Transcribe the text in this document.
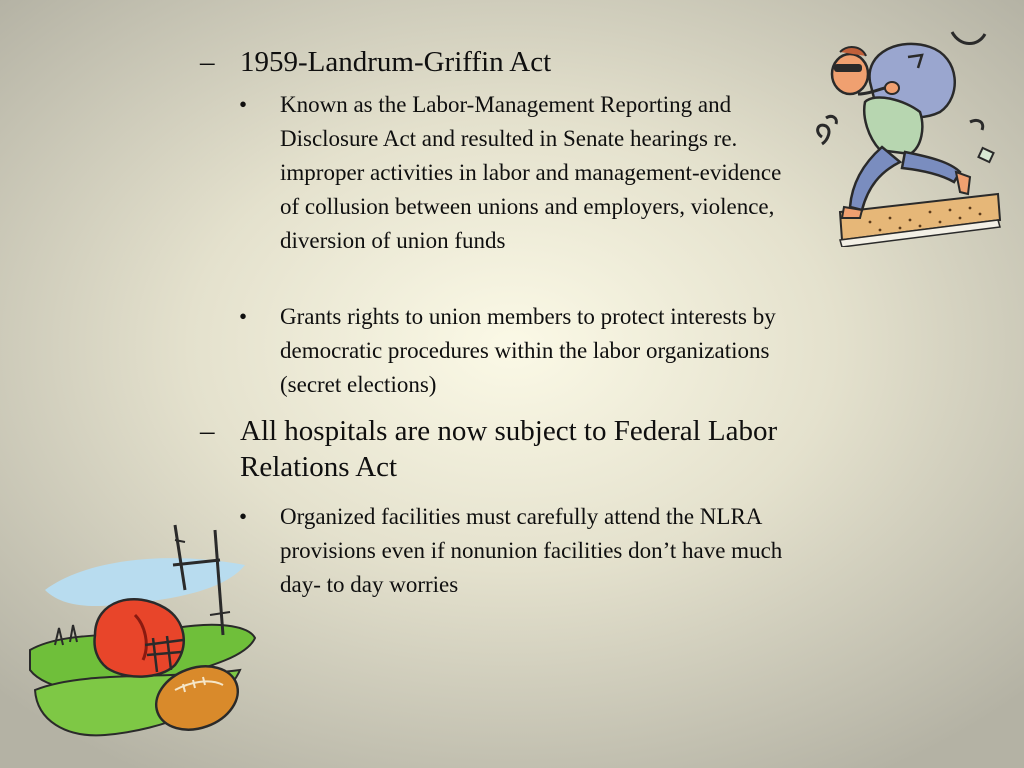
– 1959-Landrum-Griffin Act
• Known as the Labor-Management Reporting and Disclosure Act and resulted in Senate hearings re. improper activities in labor and management-evidence of collusion between unions and employers, violence, diversion of union funds
• Grants rights to union members to protect interests by democratic procedures within the labor organizations (secret elections)
– All hospitals are now subject to Federal Labor Relations Act
• Organized facilities must carefully attend the NLRA provisions even if nonunion facilities don’t have much day- to day worries
